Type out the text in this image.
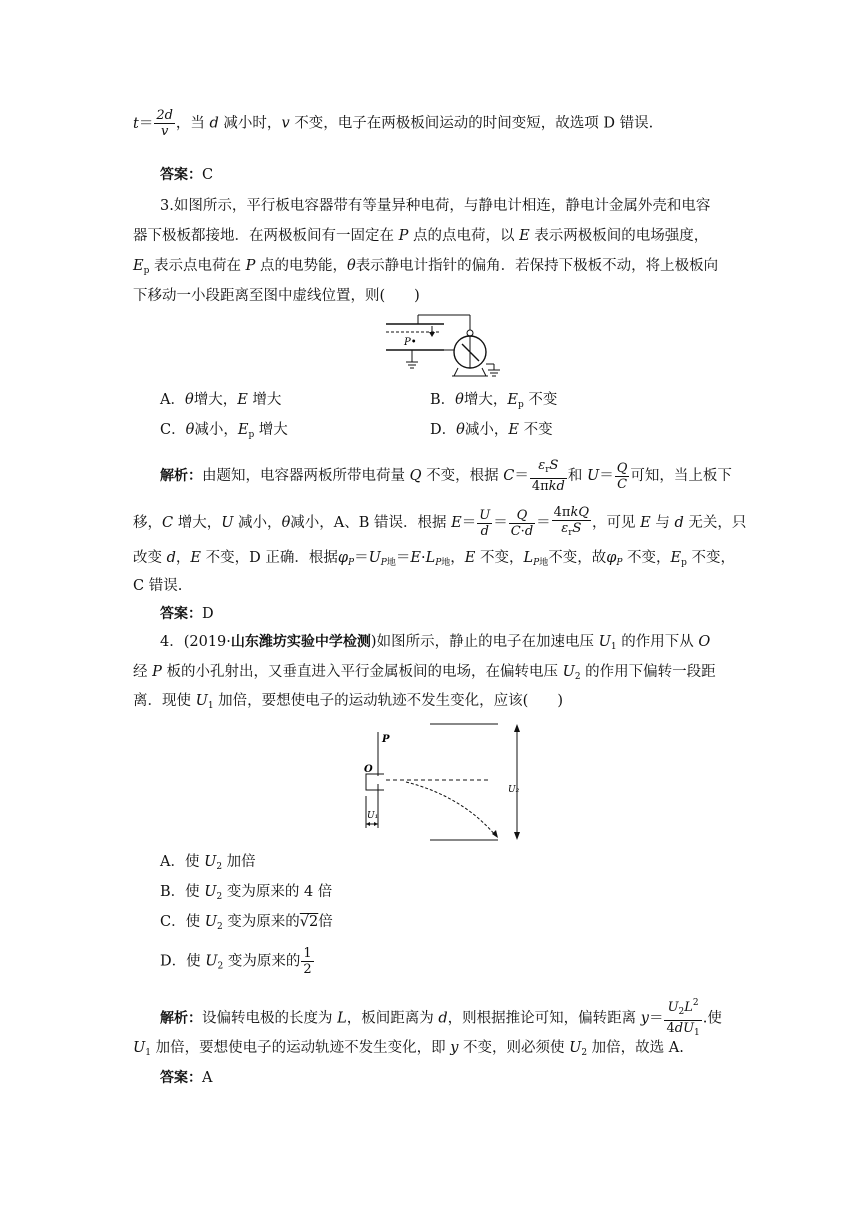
$t= \frac{2d}{v}$ ，当 d 减小时，v 不变，电子在两极板间运动的时间变短，故选项 D 错误.
答案：C
3.如图所示，平行板电容器带有等量异种电荷，与静电计相连，静电计金属外壳和电容
器下极板都接地．在两极板间有一固定在 P 点的点电荷，以 E 表示两极板间的电场强度，
$E_p$ 表示点电荷在 P 点的电势能，θ表示静电计指针的偏角．若保持下极板不动，将上极板向
下移动一小段距离至图中虚线位置，则(　　)
P•
A．θ增大，E 增大	B．θ增大，$E_p$ 不变
C．θ减小，$E_p$ 增大	D．θ减小，E 不变
解析：由题知，电容器两板所带电荷量 Q 不变，根据 $C= \frac{\varepsilon_rS}{\text{4πkd}}$ 和 $U= \frac{Q}{C}$ 可知，当上板下
移，C 增大，U 减小，θ减小，A、B 错误．根据 $E= \frac{U}{d} = \frac{Q}{C\cdot d} = \frac{\text{4πkQ}}{\varepsilon_rS}$ ，可见 E 与 d 无关，只
改变 d，E 不变，D 正确．根据$\varphi_P=U_{P地}=E\cdot L_{P地}$，E 不变，$L_{P地}$不变，故$\varphi_P$ 不变，$E_p$ 不变，
C 错误.
答案：D
4．(2019·山东潍坊实验中学检测)如图所示，静止的电子在加速电压 $U_1$ 的作用下从 O
经 P 板的小孔射出，又垂直进入平行金属板间的电场，在偏转电压 $U_2$ 的作用下偏转一段距
离．现使 $U_1$ 加倍，要想使电子的运动轨迹不发生变化，应该(　　)
U₂
P
O
U₁
A．使 $U_2$ 加倍
B．使 $U_2$ 变为原来的 4 倍
C．使 $U_2$ 变为原来的√2倍
D．使 $U_2$ 变为原来的 $\frac{1}{2}$
解析：设偏转电极的长度为 L，板间距离为 d，则根据推论可知，偏转距离 $y= \frac{U_2L^2}{4dU_1}$ .使
$U_1$ 加倍，要想使电子的运动轨迹不发生变化，即 y 不变，则必须使 $U_2$ 加倍，故选 A.
答案：A
